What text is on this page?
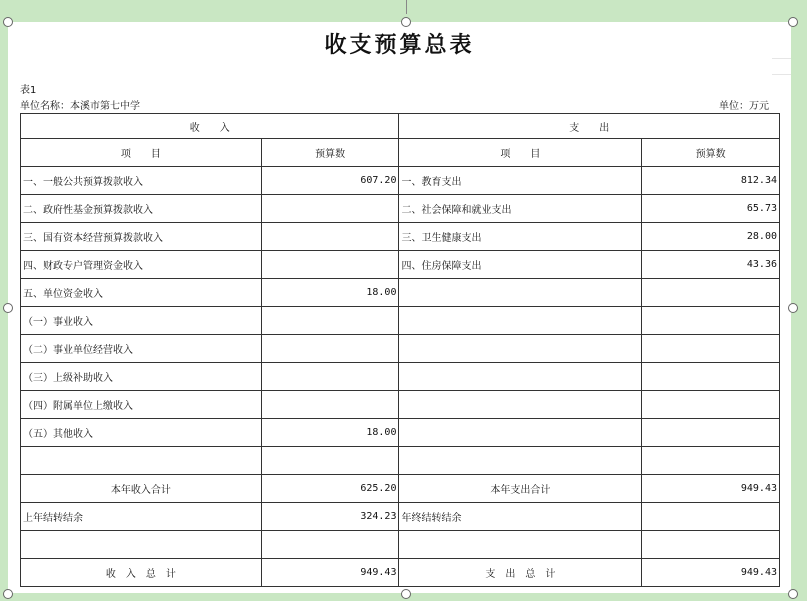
收支预算总表
表1
单位名称：本溪市第七中学	单位：万元
收　　入		支　　出	
项　　目	预算数	项　　目	预算数
一、一般公共预算拨款收入	607.20	一、教育支出	812.34
二、政府性基金预算拨款收入		二、社会保障和就业支出	65.73
三、国有资本经营预算拨款收入		三、卫生健康支出	28.00
四、财政专户管理资金收入		四、住房保障支出	43.36
五、单位资金收入	18.00		
（一）事业收入			
（二）事业单位经营收入			
（三）上级补助收入			
（四）附属单位上缴收入			
（五）其他收入	18.00		

本年收入合计	625.20	本年支出合计	949.43
上年结转结余	324.23	年终结转结余	

收　入　总　计	949.43	支　出　总　计	949.43
